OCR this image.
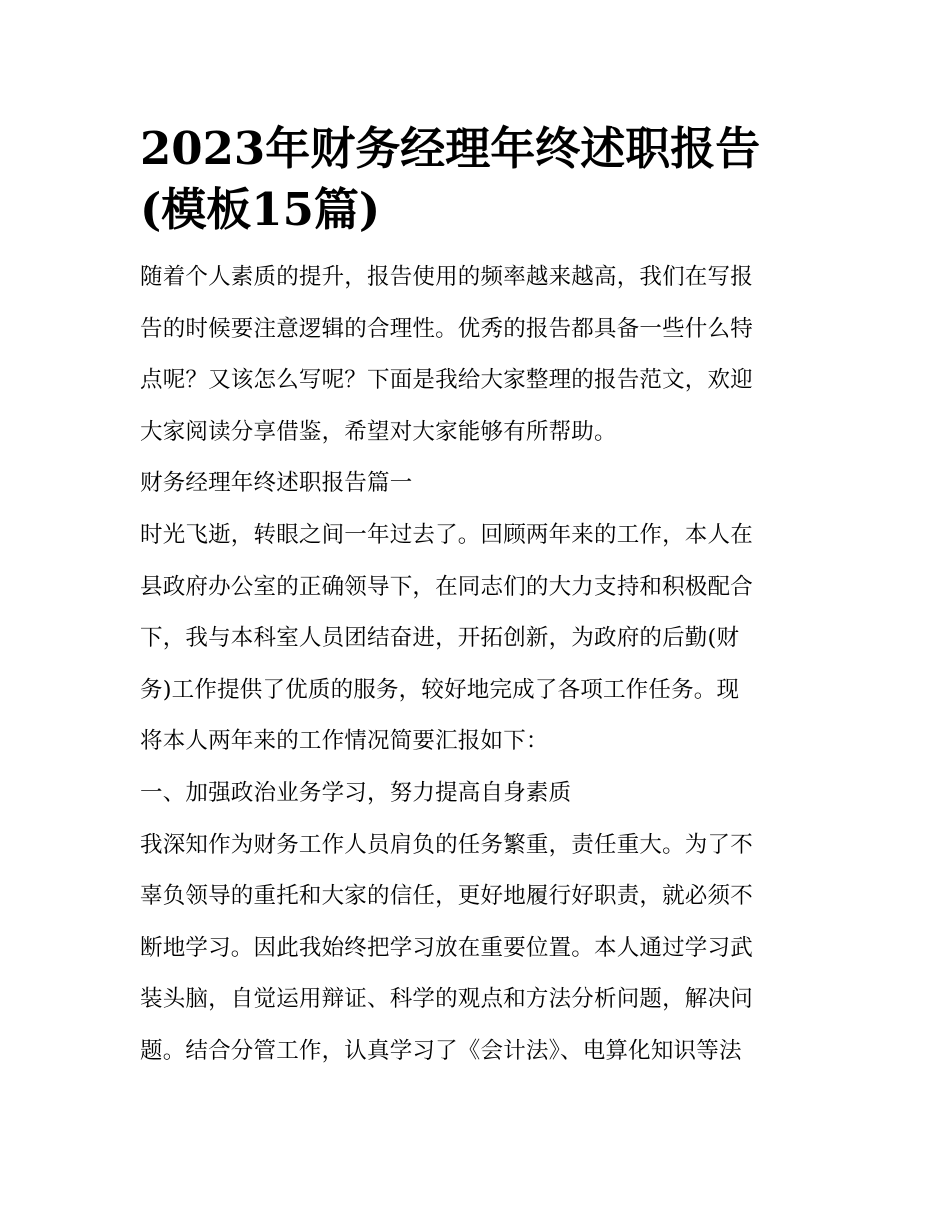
2023年财务经理年终述职报告
(模板15篇)

随着个人素质的提升，报告使用的频率越来越高，我们在写报

告的时候要注意逻辑的合理性。优秀的报告都具备一些什么特

点呢？又该怎么写呢？下面是我给大家整理的报告范文，欢迎

大家阅读分享借鉴，希望对大家能够有所帮助。

财务经理年终述职报告篇一

时光飞逝，转眼之间一年过去了。回顾两年来的工作，本人在

县政府办公室的正确领导下，在同志们的大力支持和积极配合

下，我与本科室人员团结奋进，开拓创新，为政府的后勤(财

务)工作提供了优质的服务，较好地完成了各项工作任务。现

将本人两年来的工作情况简要汇报如下：

一、加强政治业务学习，努力提高自身素质

我深知作为财务工作人员肩负的任务繁重，责任重大。为了不

辜负领导的重托和大家的信任，更好地履行好职责，就必须不

断地学习。因此我始终把学习放在重要位置。本人通过学习武

装头脑，自觉运用辩证、科学的观点和方法分析问题，解决问

题。结合分管工作，认真学习了《会计法》、电算化知识等法
